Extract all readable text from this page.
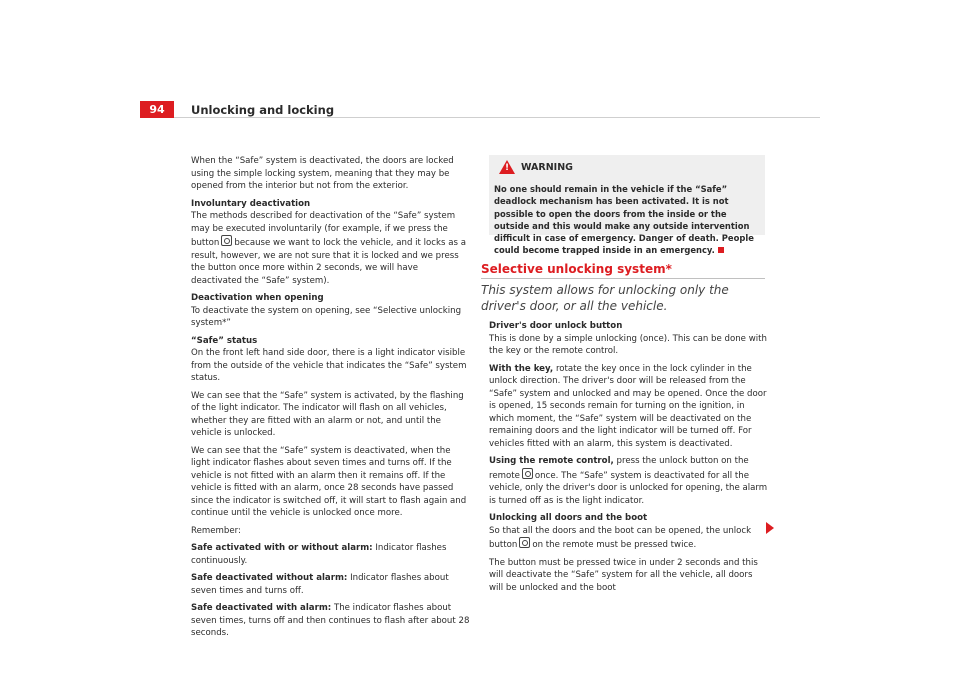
94	Unlocking and locking

When the “Safe” system is deactivated, the doors are locked using the simple locking system, meaning that they may be opened from the interior but not from the exterior.

Involuntary deactivation

The methods described for deactivation of the “Safe” system may be executed involuntarily (for example, if we press the button because we want to lock the vehicle, and it locks as a result, however, we are not sure that it is locked and we press the button once more within 2 seconds, we will have deactivated the “Safe” system).

Deactivation when opening

To deactivate the system on opening, see “Selective unlocking system*”

“Safe” status

On the front left hand side door, there is a light indicator visible from the outside of the vehicle that indicates the “Safe” system status.

We can see that the “Safe” system is activated, by the flashing of the light indicator. The indicator will flash on all vehicles, whether they are fitted with an alarm or not, and until the vehicle is unlocked.

We can see that the “Safe” system is deactivated, when the light indicator flashes about seven times and turns off. If the vehicle is not fitted with an alarm then it remains off. If the vehicle is fitted with an alarm, once 28 seconds have passed since the indicator is switched off, it will start to flash again and continue until the vehicle is unlocked once more.

Remember:

Safe activated with or without alarm: Indicator flashes continuously.

Safe deactivated without alarm: Indicator flashes about seven times and turns off.

Safe deactivated with alarm: The indicator flashes about seven times, turns off and then continues to flash after about 28 seconds.

!
WARNING
No one should remain in the vehicle if the “Safe” deadlock mechanism has been activated. It is not possible to open the doors from the inside or the outside and this would make any outside intervention difficult in case of emergency. Danger of death. People could become trapped inside in an emergency.
Selective unlocking system*
This system allows for unlocking only the driver's door, or all the vehicle.
Driver's door unlock button

This is done by a simple unlocking (once). This can be done with the key or the remote control.

With the key, rotate the key once in the lock cylinder in the unlock direction. The driver's door will be released from the “Safe” system and unlocked and may be opened. Once the door is opened, 15 seconds remain for turning on the ignition, in which moment, the “Safe” system will be deactivated on the remaining doors and the light indicator will be turned off. For vehicles fitted with an alarm, this system is deactivated.

Using the remote control, press the unlock button on the remote once. The “Safe” system is deactivated for all the vehicle, only the driver's door is unlocked for opening, the alarm is turned off as is the light indicator.

Unlocking all doors and the boot

So that all the doors and the boot can be opened, the unlock button on the remote must be pressed twice.

The button must be pressed twice in under 2 seconds and this will deactivate the “Safe” system for all the vehicle, all doors will be unlocked and the boot
